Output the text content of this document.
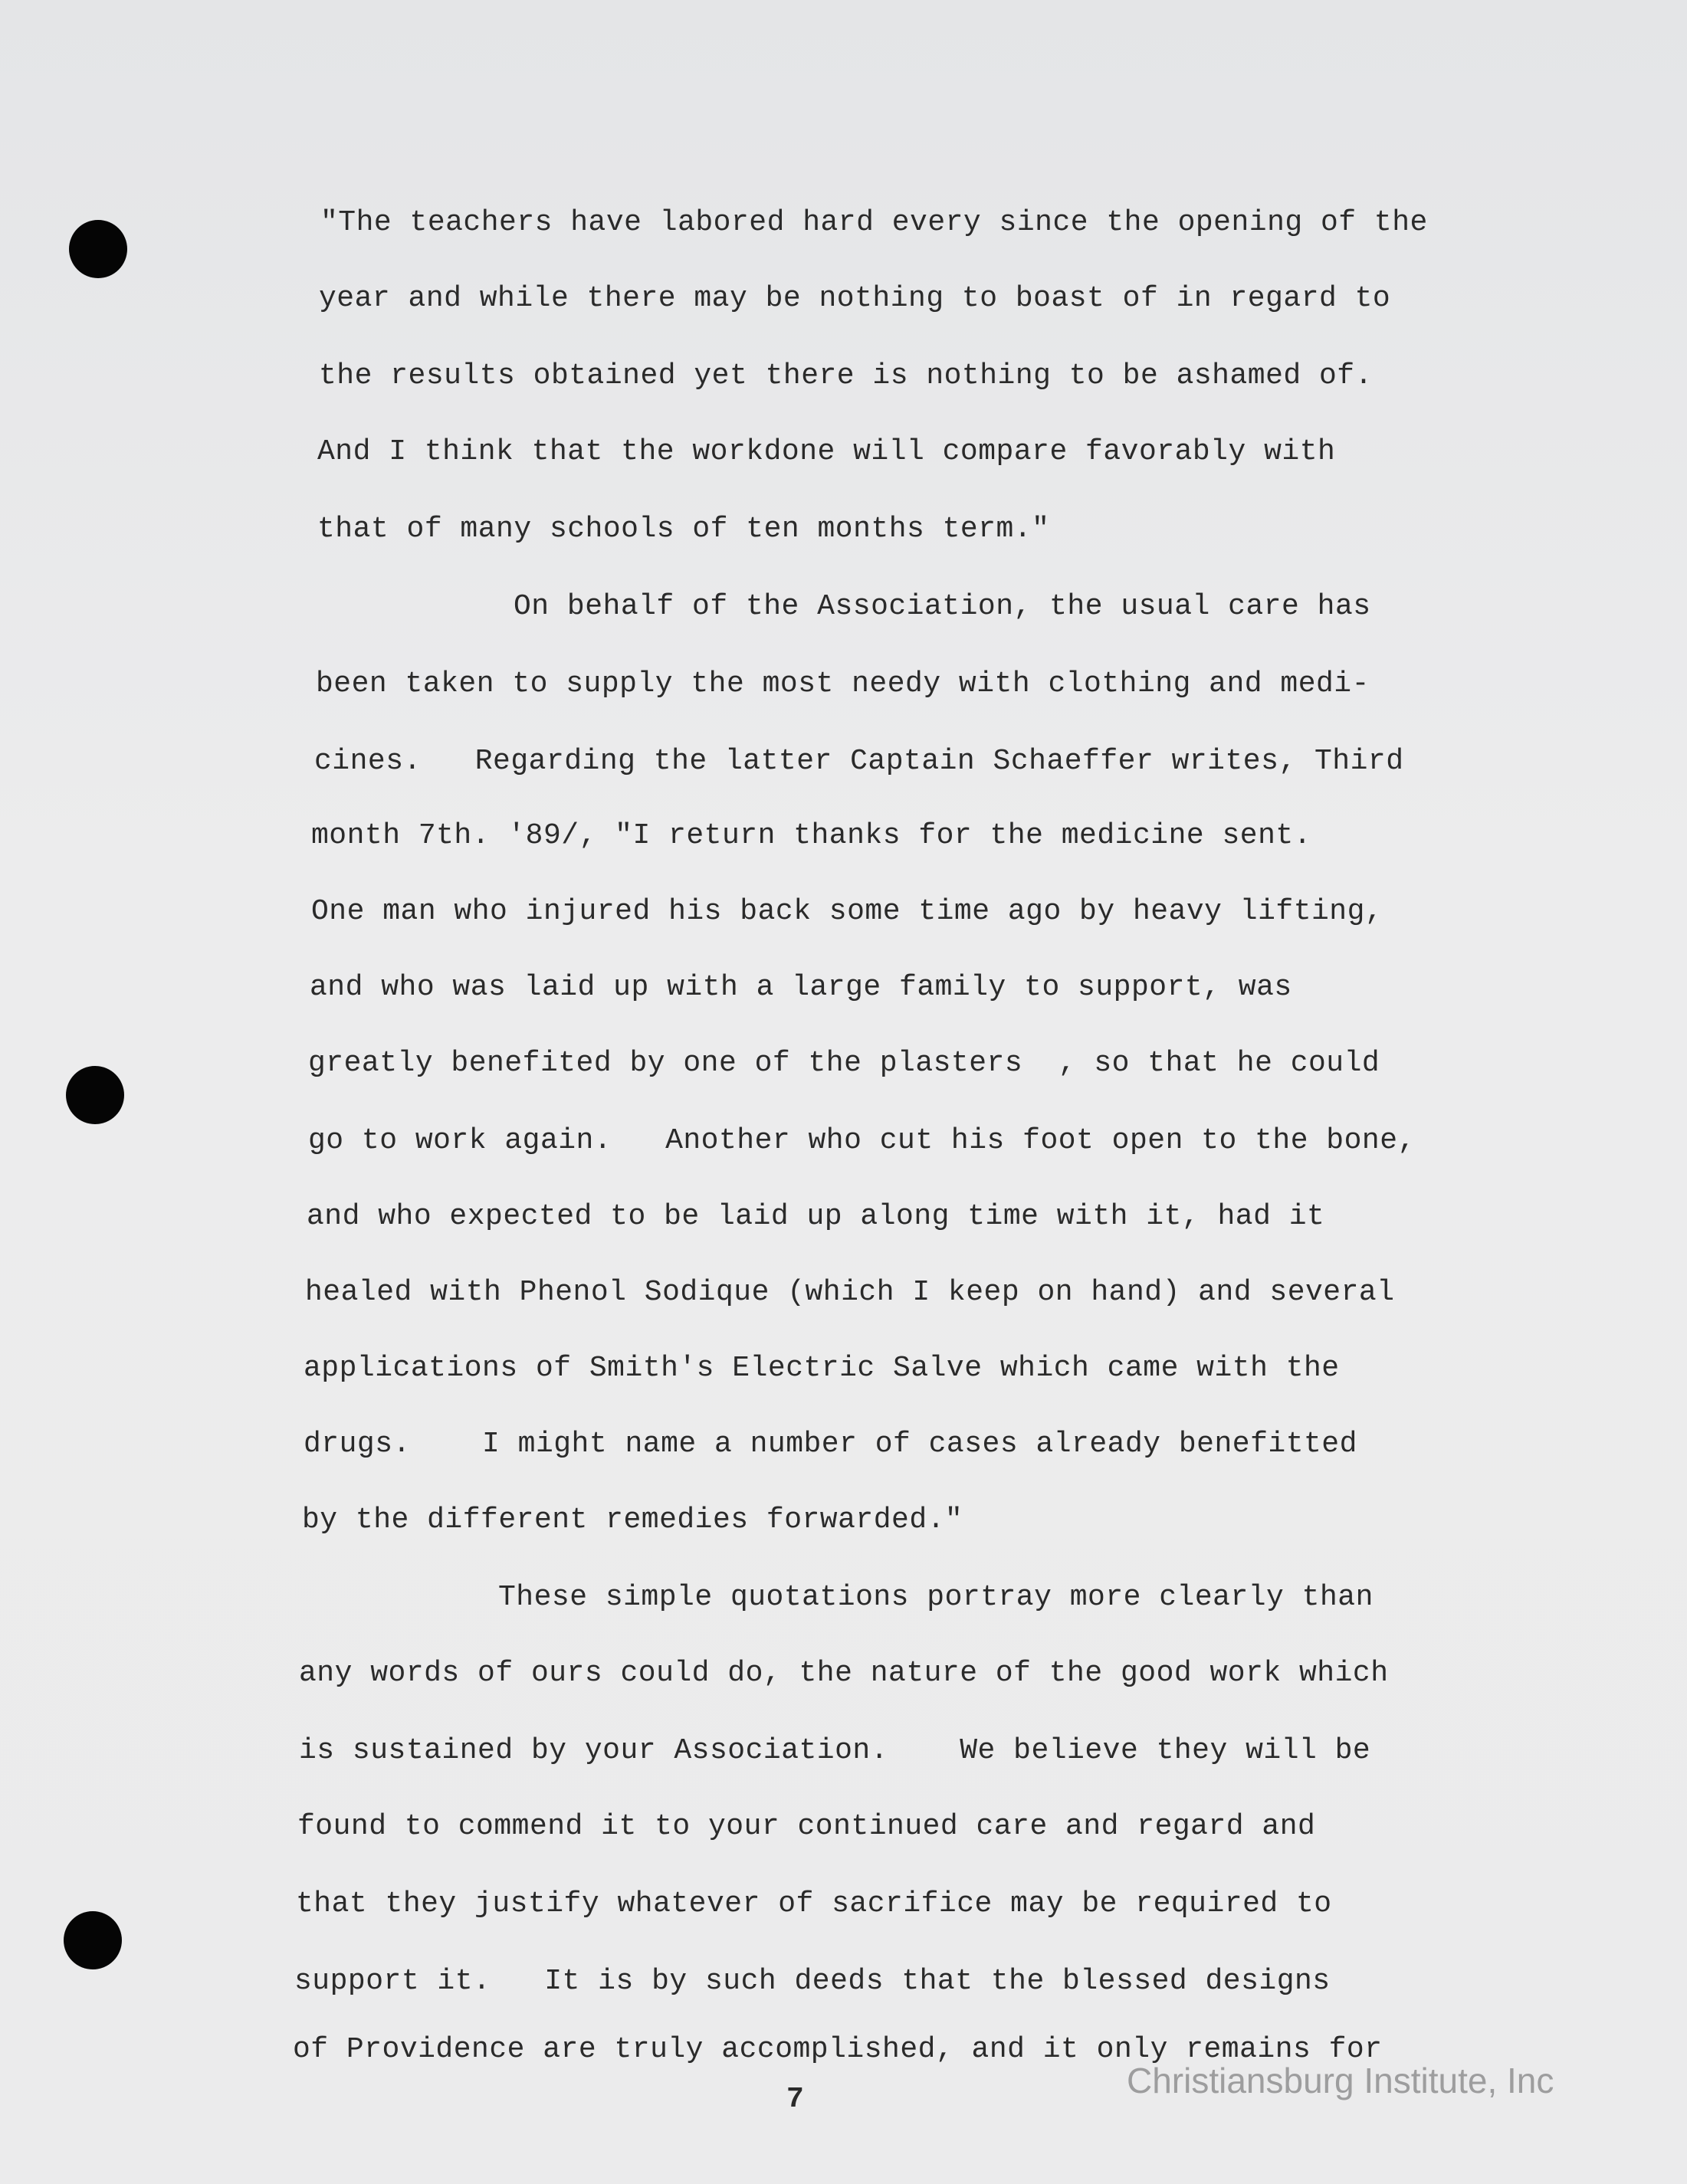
"The teachers have labored hard every since the opening of the
year and while there may be nothing to boast of in regard to
the results obtained yet there is nothing to be ashamed of.
And I think that the workdone will compare favorably with
that of many schools of ten months term."
On behalf of the Association, the usual care has
been taken to supply the most needy with clothing and medi-
cines.   Regarding the latter Captain Schaeffer writes, Third
month 7th. '89/, "I return thanks for the medicine sent.
One man who injured his back some time ago by heavy lifting,
and who was laid up with a large family to support, was
greatly benefited by one of the plasters  , so that he could
go to work again.   Another who cut his foot open to the bone,
and who expected to be laid up along time with it, had it
healed with Phenol Sodique (which I keep on hand) and several
applications of Smith's Electric Salve which came with the
drugs.    I might name a number of cases already benefitted
by the different remedies forwarded."
These simple quotations portray more clearly than
any words of ours could do, the nature of the good work which
is sustained by your Association.    We believe they will be
found to commend it to your continued care and regard and
that they justify whatever of sacrifice may be required to
support it.   It is by such deeds that the blessed designs
of Providence are truly accomplished, and it only remains for
7	Christiansburg Institute, Inc
